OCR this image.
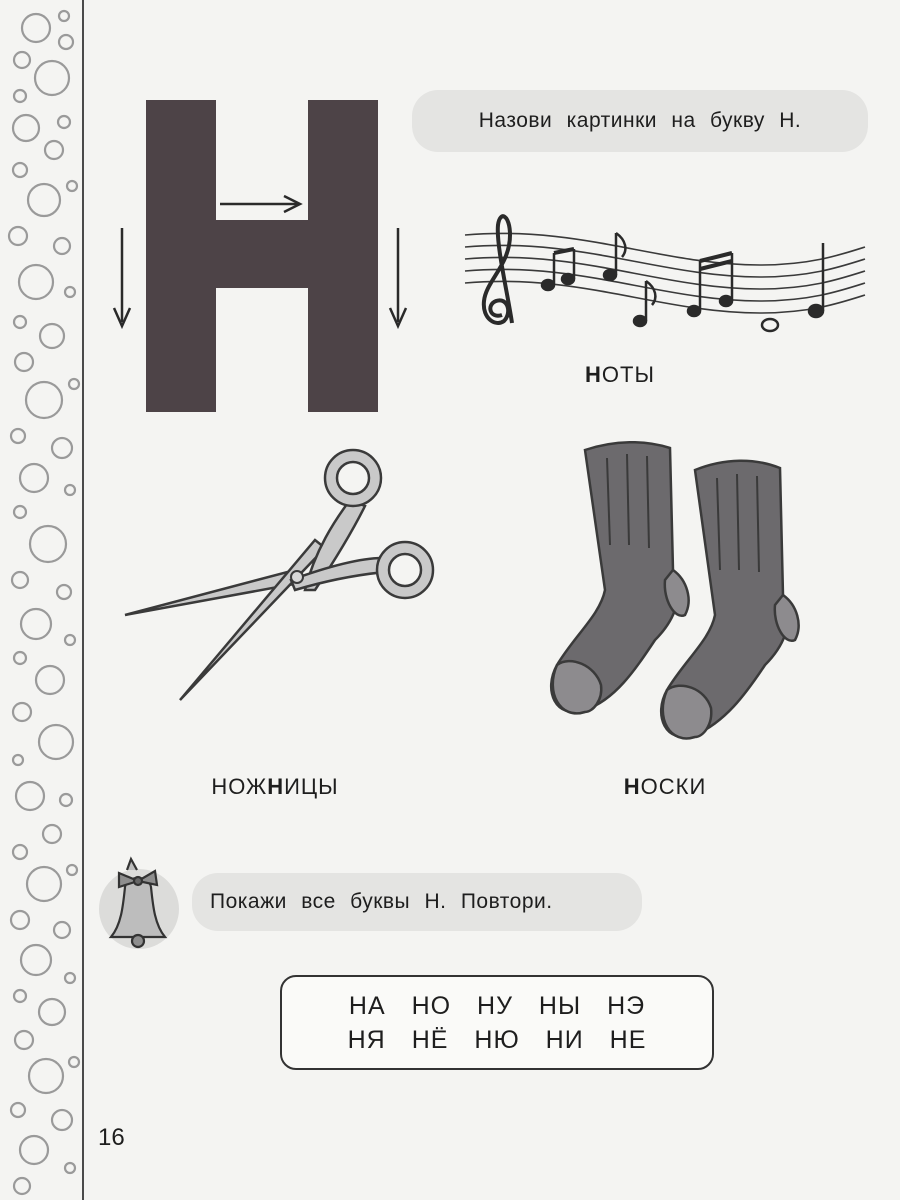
Назови картинки на букву Н.
НОТЫ
НОЖНИЦЫ	НОСКИ
Покажи все буквы Н. Повтори.
НА НО НУ НЫ НЭ
НЯ НЁ НЮ НИ НЕ
16
